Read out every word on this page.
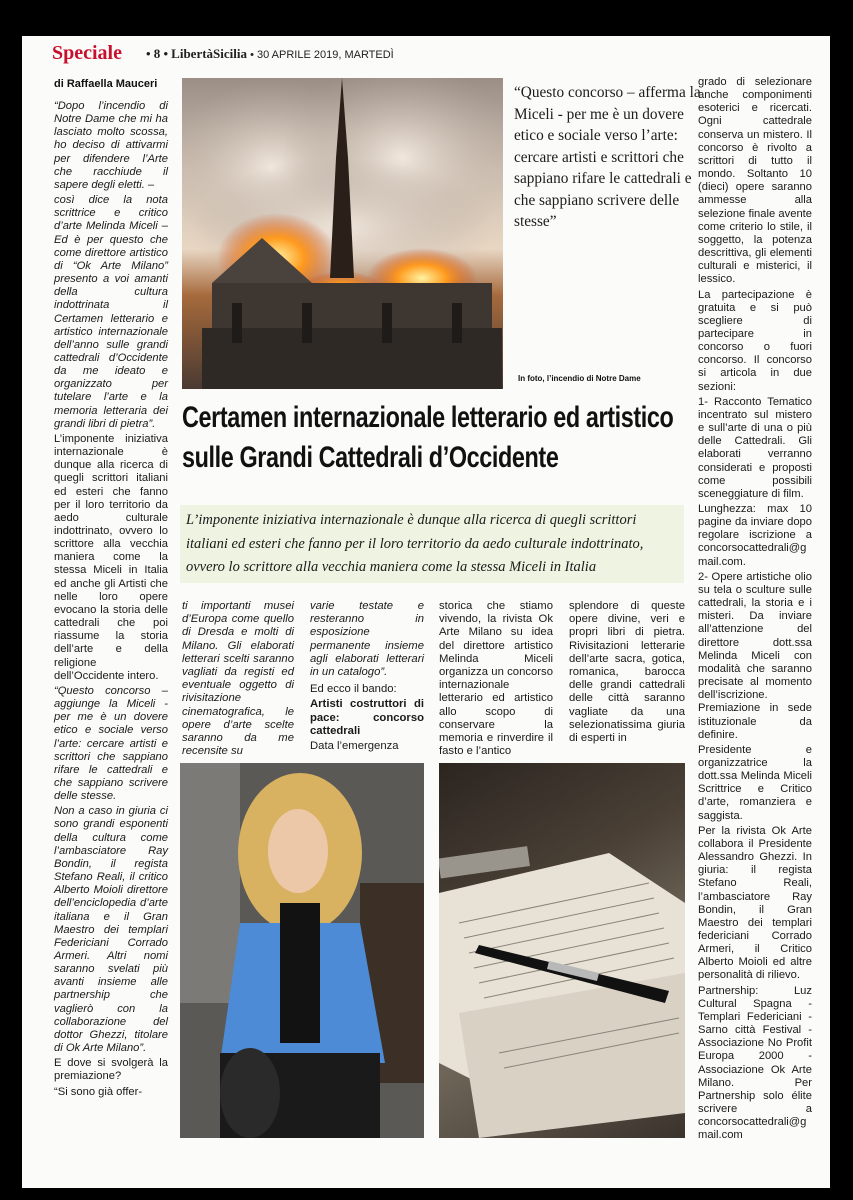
Speciale • 8 • LibertàSicilia • 30 APRILE 2019, MARTEDÌ
di Raffaella Mauceri

“Dopo l’incendio di Notre Dame che mi ha lasciato molto scossa, ho deciso di attivarmi per difendere l’Arte che racchiude il sapere degli eletti. –

così dice la nota scrittrice e critico d’arte Melinda Miceli – Ed è per questo che come direttore artistico di “Ok Arte Milano” presento a voi amanti della cultura indottrinata il Certamen letterario e artistico internazionale dell’anno sulle grandi cattedrali d’Occidente da me ideato e organizzato per tutelare l’arte e la memoria letteraria dei grandi libri di pietra”.

L’imponente iniziativa internazionale è dunque alla ricerca di quegli scrittori italiani ed esteri che fanno per il loro territorio da aedo culturale indottrinato, ovvero lo scrittore alla vecchia maniera come la stessa Miceli in Italia ed anche gli Artisti che nelle loro opere evocano la storia delle cattedrali che poi riassume la storia dell’arte e della religione dell’Occidente intero.

“Questo concorso – aggiunge la Miceli - per me è un dovere etico e sociale verso l’arte: cercare artisti e scrittori che sappiano rifare le cattedrali e che sappiano scrivere delle stesse.

Non a caso in giuria ci sono grandi esponenti della cultura come l’ambasciatore Ray Bondin, il regista Stefano Reali, il critico Alberto Moioli direttore dell’enciclopedia d’arte italiana e il Gran Maestro dei templari Federiciani Corrado Armeri. Altri nomi saranno svelati più avanti insieme alle partnership che vaglierò con la collaborazione del dottor Ghezzi, titolare di Ok Arte Milano”.

E dove si svolgerà la premiazione?

“Si sono già offer-

In foto, l’incendio di Notre Dame
“Questo concorso – afferma la Miceli - per me è un dovere etico e sociale verso l’arte: cercare artisti e scrittori che sappiano rifare le cattedrali e che sappiano scrivere delle stesse”
Certamen internazionale letterario ed artistico
sulle Grandi Cattedrali d’Occidente
L’imponente iniziativa internazionale è dunque alla ricerca di quegli scrittori italiani ed esteri che fanno per il loro territorio da aedo culturale indottrinato, ovvero lo scrittore alla vecchia maniera come la stessa Miceli in Italia
ti importanti musei d’Europa come quello di Dresda e molti di Milano. Gli elaborati letterari scelti saranno vagliati da registi ed eventuale oggetto di rivisitazione cinematografica, le opere d’arte scelte saranno da me recensite su

varie testate e resteranno in esposizione permanente insieme agli elaborati letterari in un catalogo”.

Ed ecco il bando:

Artisti costruttori di pace: concorso cattedrali

Data l’emergenza

storica che stiamo vivendo, la rivista Ok Arte Milano su idea del direttore artistico Melinda Miceli organizza un concorso internazionale letterario ed artistico allo scopo di conservare la memoria e rinverdire il fasto e l’antico
splendore di queste opere divine, veri e propri libri di pietra. Rivisitazioni letterarie dell’arte sacra, gotica, romanica, barocca delle grandi cattedrali delle città saranno vagliate da una selezionatissima giuria di esperti in

grado di selezionare anche componimenti esoterici e ricercati. Ogni cattedrale conserva un mistero. Il concorso è rivolto a scrittori di tutto il mondo. Soltanto 10 (dieci) opere saranno ammesse alla selezione finale avente come criterio lo stile, il soggetto, la potenza descrittiva, gli elementi culturali e misterici, il lessico.

La partecipazione è gratuita e si può scegliere di partecipare in concorso o fuori concorso. Il concorso si articola in due sezioni:

1- Racconto Tematico incentrato sul mistero e sull’arte di una o più delle Cattedrali. Gli elaborati verranno considerati e proposti come possibili sceneggiature di film.

Lunghezza: max 10 pagine da inviare dopo regolare iscrizione a concorsocattedrali@gmail.com.

2- Opere artistiche olio su tela o sculture sulle cattedrali, la storia e i misteri. Da inviare all’attenzione del direttore dott.ssa Melinda Miceli con modalità che saranno precisate al momento dell’iscrizione. Premiazione in sede istituzionale da definire.

Presidente e organizzatrice la dott.ssa Melinda Miceli Scrittrice e Critico d’arte, romanziera e saggista.

Per la rivista Ok Arte collabora il Presidente Alessandro Ghezzi. In giuria: il regista Stefano Reali, l’ambasciatore Ray Bondin, il Gran Maestro dei templari federiciani Corrado Armeri, il Critico Alberto Moioli ed altre personalità di rilievo.

Partnership: Luz Cultural Spagna - Templari Federiciani - Sarno città Festival - Associazione No Profit Europa 2000 - Associazione Ok Arte Milano. Per Partnership solo élite scrivere a concorsocattedrali@gmail.com
